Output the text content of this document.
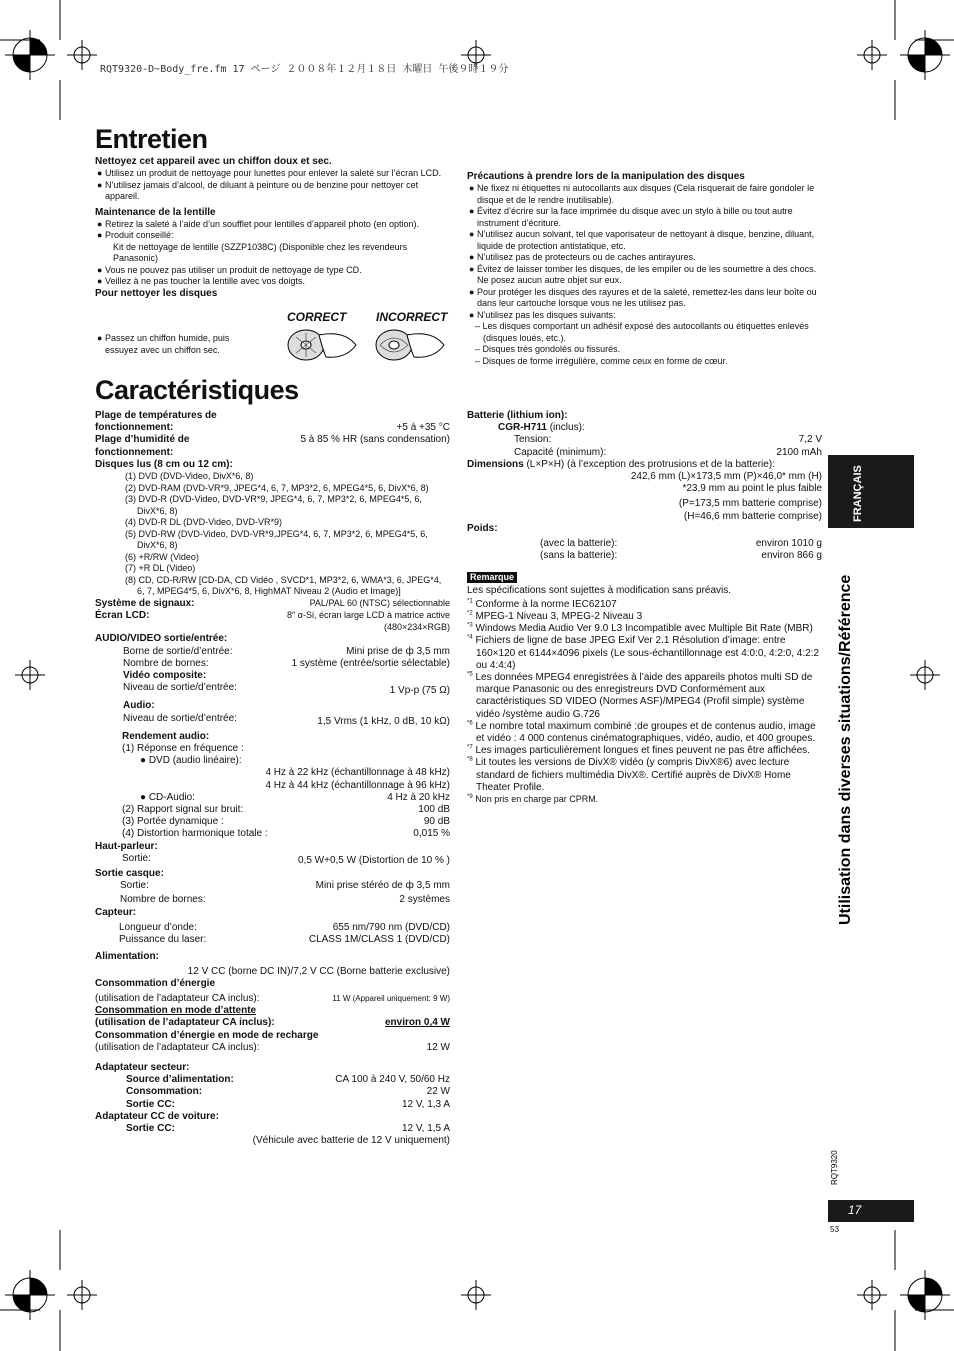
RQT9320-D~Body_fre.fm 17 ページ ２００８年１２月１８日 木曜日 午後９時１９分
Entretien
Nettoyez cet appareil avec un chiffon doux et sec.
● Utilisez un produit de nettoyage pour lunettes pour enlever la saleté sur l’écran LCD.
● N’utilisez jamais d’alcool, de diluant à peinture ou de benzine pour nettoyer cet appareil.
Maintenance de la lentille
● Retirez la saleté à l’aide d’un soufflet pour lentilles d’appareil photo (en option).
● Produit conseillé:
Kit de nettoyage de lentille (SZZP1038C) (Disponible chez les revendeurs Panasonic)
● Vous ne pouvez pas utiliser un produit de nettoyage de type CD.
● Veillez à ne pas toucher la lentille avec vos doigts.
Pour nettoyer les disques
● Passez un chiffon humide, puis essuyez avec un chiffon sec.
CORRECT INCORRECT
Précautions à prendre lors de la manipulation des disques
● Ne fixez ni étiquettes ni autocollants aux disques (Cela risquerait de faire gondoler le disque et de le rendre inutilisable).
● Évitez d’écrire sur la face imprimée du disque avec un stylo à bille ou tout autre instrument d’écriture.
● N’utilisez aucun solvant, tel que vaporisateur de nettoyant à disque, benzine, diluant, liquide de protection antistatique, etc.
● N’utilisez pas de protecteurs ou de caches antirayures.
● Évitez de laisser tomber les disques, de les empiler ou de les soumettre à des chocs. Ne posez aucun autre objet sur eux.
● Pour protéger les disques des rayures et de la saleté, remettez-les dans leur boîte ou dans leur cartouche lorsque vous ne les utilisez pas.
● N’utilisez pas les disques suivants:
– Les disques comportant un adhésif exposé des autocollants ou étiquettes enlevés (disques loués, etc.).
– Disques très gondolés ou fissurés.
– Disques de forme irrégulière, comme ceux en forme de cœur.
Caractéristiques
Plage de températures de fonctionnement:	+5 à +35 °C
Plage d’humidité de fonctionnement:
5 à 85 % HR (sans condensation)
Disques lus (8 cm ou 12 cm):
(1) DVD (DVD-Video, DivX*6, 8)
(2) DVD-RAM (DVD-VR*9, JPEG*4, 6, 7, MP3*2, 6, MPEG4*5, 6, DivX*6, 8)
(3) DVD-R (DVD-Video, DVD-VR*9, JPEG*4, 6, 7, MP3*2, 6, MPEG4*5, 6, DivX*6, 8)
(4) DVD-R DL (DVD-Video, DVD-VR*9)
(5) DVD-RW (DVD-Video, DVD-VR*9,JPEG*4, 6, 7, MP3*2, 6, MPEG4*5, 6, DivX*6, 8)
(6) +R/RW (Video)
(7) +R DL (Video)
(8) CD, CD-R/RW [CD-DA, CD Vidéo , SVCD*1, MP3*2, 6, WMA*3, 6, JPEG*4, 6, 7, MPEG4*5, 6, DivX*6, 8, HighMAT Niveau 2 (Audio et Image)]
Système de signaux:	PAL/PAL 60 (NTSC) sélectionnable
Écran LCD:	8″ α-Si, écran large LCD à matrice active
(480×234×RGB)
AUDIO/VIDEO sortie/entrée:
Borne de sortie/d’entrée:	Mini prise de ф 3,5 mm
Nombre de bornes:	1 système (entrée/sortie sélectable)
Vidéo composite:
Niveau de sortie/d’entrée:	1 Vp-p (75 Ω)
Audio:
Niveau de sortie/d’entrée:	1,5 Vrms (1 kHz, 0 dB, 10 kΩ)
Rendement audio:
(1) Réponse en fréquence :
● DVD (audio linéaire):
4 Hz à 22 kHz (échantillonnage à 48 kHz)
4 Hz à 44 kHz (échantillonnage à 96 kHz)
● CD-Audio:	4 Hz à 20 kHz
(2) Rapport signal sur bruit:	100 dB
(3) Portée dynamique :	90 dB
(4) Distortion harmonique totale :	0,015 %
Haut-parleur:
Sortie:	0,5 W+0,5 W (Distortion de 10 % )
Sortie casque:
Sortie:	Mini prise stéréo de ф 3,5 mm
Nombre de bornes:	2 systèmes
Capteur:
Longueur d’onde:	655 nm/790 nm (DVD/CD)
Puissance du laser:	CLASS 1M/CLASS 1 (DVD/CD)
Alimentation:
12 V CC (borne DC IN)/7,2 V CC (Borne batterie exclusive)
Consommation d’énergie
(utilisation de l’adaptateur CA inclus):	11 W (Appareil uniquement: 9 W)
Consommation en mode d’attente
(utilisation de l’adaptateur CA inclus):	environ 0,4 W
Consommation d’énergie en mode de recharge
(utilisation de l’adaptateur CA inclus):	12 W
Adaptateur secteur:
Source d’alimentation:	CA 100 à 240 V, 50/60 Hz
Consommation:	22 W
Sortie CC:	12 V, 1,3 A
Adaptateur CC de voiture:
Sortie CC:	12 V, 1,5 A
(Véhicule avec batterie de 12 V uniquement)
Batterie (lithium ion):
CGR-H711 (inclus):
Tension:	7,2 V
Capacité (minimum):	2100 mAh
Dimensions (L×P×H) (à l’exception des protrusions et de la batterie):
242,6 mm (L)×173,5 mm (P)×46,0* mm (H)
*23,9 mm au point le plus faible
(P=173,5 mm batterie comprise)
(H=46,6 mm batterie comprise)
Poids:
(avec la batterie):	environ 1010 g
(sans la batterie):	environ 866 g
Remarque
Les spécifications sont sujettes à modification sans préavis.
$^{*1}$ Conforme à la norme IEC62107
$^{*2}$ MPEG-1 Niveau 3, MPEG-2 Niveau 3
$^{*3}$ Windows Media Audio Ver 9.0 L3 Incompatible avec Multiple Bit Rate (MBR)
$^{*4}$ Fichiers de ligne de base JPEG Exif Ver 2.1 Résolution d’image: entre 160×120 et 6144×4096 pixels (Le sous-échantillonnage est 4:0:0, 4:2:0, 4:2:2 ou 4:4:4)
$^{*5}$ Les données MPEG4 enregistrées à l’aide des appareils photos multi SD de marque Panasonic ou des enregistreurs DVD Conformément aux caractéristiques SD VIDEO (Normes ASF)/MPEG4 (Profil simple) système vidéo /système audio G.726
$^{*6}$ Le nombre total maximum combiné :de groupes et de contenus audio, image et vidéo : 4 000 contenus cinématographiques, vidéo, audio, et 400 groupes.
$^{*7}$ Les images particulièrement longues et fines peuvent ne pas être affichées.
$^{*8}$ Lit toutes les versions de DivX® vidéo (y compris DivX®6) avec lecture standard de fichiers multimédia DivX®. Certifié auprès de DivX® Home Theater Profile.
$^{*9}$ Non pris en charge par CPRM.
FRANÇAIS
Utilisation dans diverses situations/Référence
RQT9320
17
53
